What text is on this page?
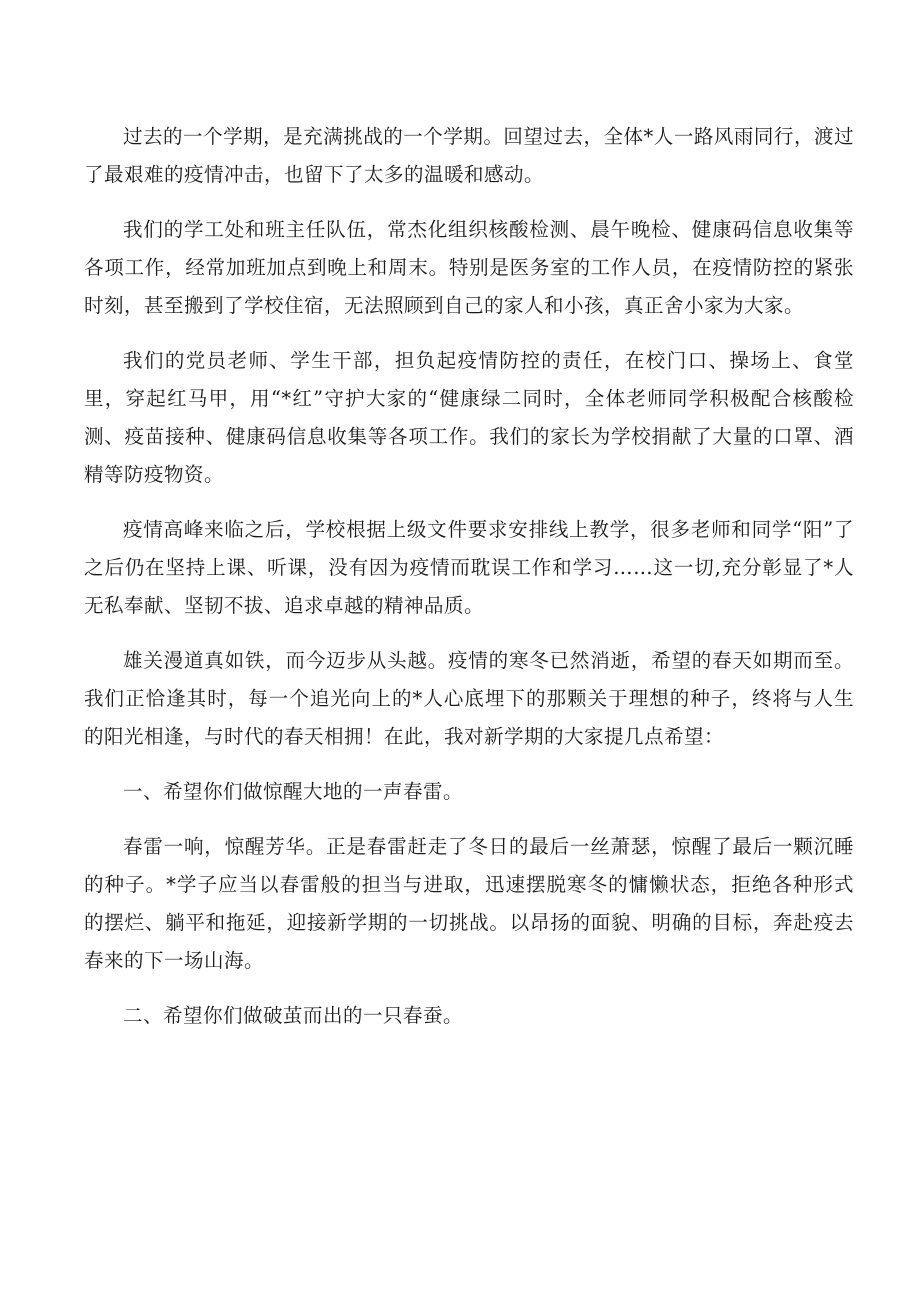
过去的一个学期，是充满挑战的一个学期。回望过去，全体*人一路风雨同行，渡过了最艰难的疫情冲击，也留下了太多的温暖和感动。

我们的学工处和班主任队伍，常杰化组织核酸检测、晨午晚检、健康码信息收集等各项工作，经常加班加点到晚上和周末。特别是医务室的工作人员，在疫情防控的紧张时刻，甚至搬到了学校住宿，无法照顾到自己的家人和小孩，真正舍小家为大家。

我们的党员老师、学生干部，担负起疫情防控的责任，在校门口、操场上、食堂里，穿起红马甲，用“*红”守护大家的“健康绿二同时，全体老师同学积极配合核酸检测、疫苗接种、健康码信息收集等各项工作。我们的家长为学校捐献了大量的口罩、酒精等防疫物资。

疫情高峰来临之后，学校根据上级文件要求安排线上教学，很多老师和同学“阳”了之后仍在坚持上课、听课，没有因为疫情而耽误工作和学习……这一切,充分彰显了*人无私奉献、坚韧不拔、追求卓越的精神品质。

雄关漫道真如铁，而今迈步从头越。疫情的寒冬已然消逝，希望的春天如期而至。我们正恰逢其时，每一个追光向上的*人心底埋下的那颗关于理想的种子，终将与人生的阳光相逢，与时代的春天相拥！在此，我对新学期的大家提几点希望：

一、希望你们做惊醒大地的一声春雷。

春雷一响，惊醒芳华。正是春雷赶走了冬日的最后一丝萧瑟，惊醒了最后一颗沉睡的种子。*学子应当以春雷般的担当与进取，迅速摆脱寒冬的慵懒状态，拒绝各种形式的摆烂、躺平和拖延，迎接新学期的一切挑战。以昂扬的面貌、明确的目标，奔赴疫去春来的下一场山海。

二、希望你们做破茧而出的一只春蚕。
